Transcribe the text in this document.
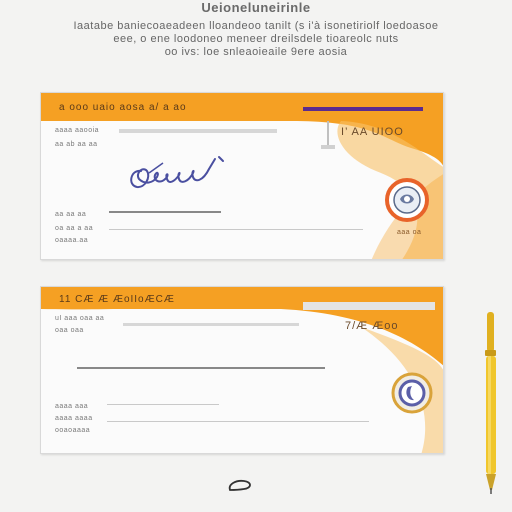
Ueioneluneirinle
Iaatabe baniecoaeadeen lloandeoo tanilt (s i'à isonetiriolf loedoasoe
eee, o ene loodoneo meneer dreilsdele tioareolc nuts
oo ivs: loe snleaoieaile 9ere aosia
a ooo uaio aosa a/ a ao
aaaa aaooia
aa ab aa aa
I’ AA UIOO
aa aa aa
oa aa a aa
oaaaa.aa
aaa oa
11 CÆ Æ ÆoIIoÆCÆ
uI aaa oaa aa
oaa oaa	7/Æ Æoo
aaaa aaa
aaaa aaaa
ooaoaaaa
